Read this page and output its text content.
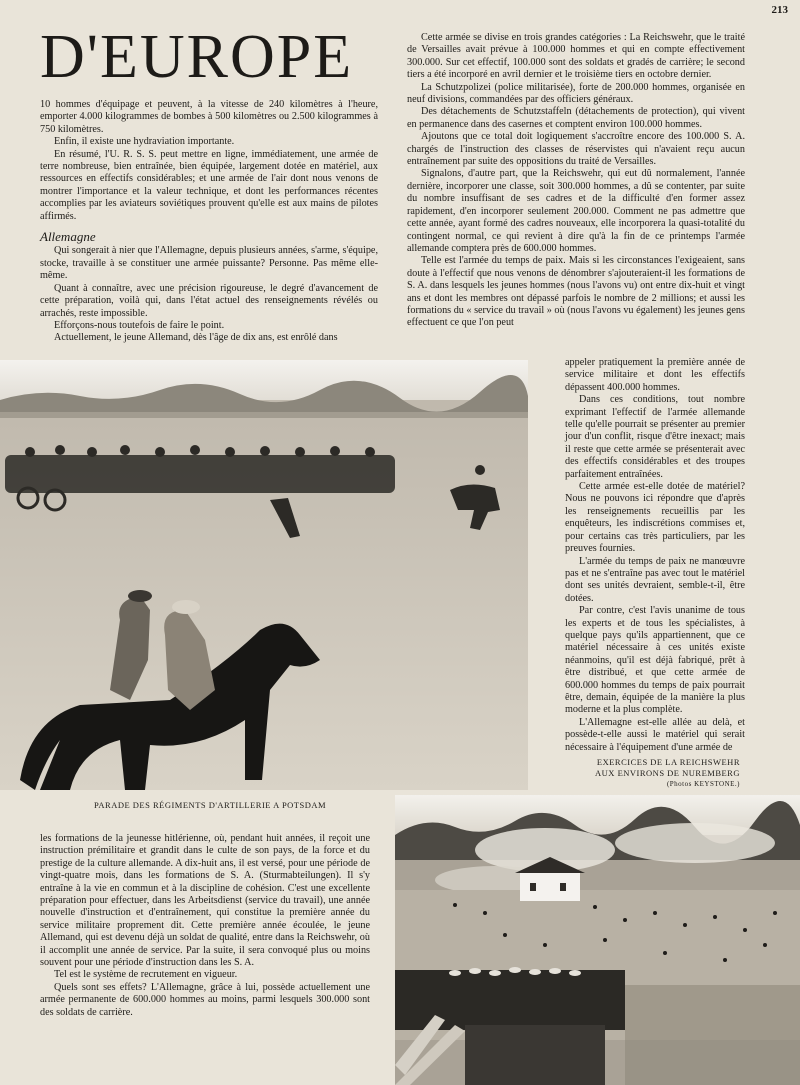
213
D'EUROPE

10 hommes d'équipage et peuvent, à la vitesse de 240 kilomètres à l'heure, emporter 4.000 kilogrammes de bombes à 500 kilomètres ou 2.500 kilogrammes à 750 kilomètres.

Enfin, il existe une hydraviation importante.

En résumé, l'U. R. S. S. peut mettre en ligne, immédiatement, une armée de terre nombreuse, bien entraînée, bien équipée, largement dotée en matériel, aux ressources en effectifs considérables; et une armée de l'air dont nous venons de montrer l'importance et la valeur technique, et dont les performances récentes accomplies par les aviateurs soviétiques prouvent qu'elle est aux mains de pilotes affirmés.

Allemagne

Qui songerait à nier que l'Allemagne, depuis plusieurs années, s'arme, s'équipe, stocke, travaille à se constituer une armée puissante? Personne. Pas même elle-même.

Quant à connaître, avec une précision rigoureuse, le degré d'avancement de cette préparation, voilà qui, dans l'état actuel des renseignements révélés ou arrachés, reste impossible.

Efforçons-nous toutefois de faire le point.

Actuellement, le jeune Allemand, dès l'âge de dix ans, est enrôlé dans

Cette armée se divise en trois grandes catégories : La Reichswehr, que le traité de Versailles avait prévue à 100.000 hommes et qui en compte effectivement 300.000. Sur cet effectif, 100.000 sont des soldats et gradés de carrière; le second tiers a été incorporé en avril dernier et le troisième tiers en octobre dernier.

La Schutzpolizei (police militarisée), forte de 200.000 hommes, organisée en neuf divisions, commandées par des officiers généraux.

Des détachements de Schutzstaffeln (détachements de protection), qui vivent en permanence dans des casernes et comptent environ 100.000 hommes.

Ajoutons que ce total doit logiquement s'accroître encore des 100.000 S. A. chargés de l'instruction des classes de réservistes qui n'avaient reçu aucun entraînement par suite des oppositions du traité de Versailles.

Signalons, d'autre part, que la Reichswehr, qui eut dû normalement, l'année dernière, incorporer une classe, soit 300.000 hommes, a dû se contenter, par suite du nombre insuffisant de ses cadres et de la difficulté d'en former assez rapidement, d'en incorporer seulement 200.000. Comment ne pas admettre que cette année, ayant formé des cadres nouveaux, elle incorporera la quasi-totalité du contingent normal, ce qui revient à dire qu'à la fin de ce printemps l'armée allemande comptera près de 600.000 hommes.

Telle est l'armée du temps de paix. Mais si les circonstances l'exigeaient, sans doute à l'effectif que nous venons de dénombrer s'ajouteraient-il les formations de S. A. dans lesquels les jeunes hommes (nous l'avons vu) ont entre dix-huit et vingt ans et dont les membres ont dépassé parfois le nombre de 2 millions; et aussi les formations du « service du travail » où (nous l'avons vu également) les jeunes gens effectuent ce que l'on peut

appeler pratiquement la première année de service militaire et dont les effectifs dépassent 400.000 hommes.

Dans ces conditions, tout nombre exprimant l'effectif de l'armée allemande telle qu'elle pourrait se présenter au premier jour d'un conflit, risque d'être inexact; mais il reste que cette armée se présenterait avec des effectifs considérables et des troupes parfaitement entraînées.

Cette armée est-elle dotée de matériel? Nous ne pouvons ici répondre que d'après les renseignements recueillis par les enquêteurs, les indiscrétions commises et, pour certains cas très particuliers, par les preuves fournies.

L'armée du temps de paix ne manœuvre pas et ne s'entraîne pas avec tout le matériel dont ses unités devraient, semble-t-il, être dotées.

Par contre, c'est l'avis unanime de tous les experts et de tous les spécialistes, à quelque pays qu'ils appartiennent, que ce matériel nécessaire à ces unités existe néanmoins, qu'il est déjà fabriqué, prêt à être distribué, et que cette armée de 600.000 hommes du temps de paix pourrait être, demain, équipée de la manière la plus moderne et la plus complète.

L'Allemagne est-elle allée au delà, et possède-t-elle aussi le matériel qui serait nécessaire à l'équipement d'une armée de

EXERCICES DE LA REICHSWEHR
AUX ENVIRONS DE NUREMBERG
(Photos KEYSTONE.)
PARADE DES RÉGIMENTS D'ARTILLERIE A POTSDAM

les formations de la jeunesse hitlérienne, où, pendant huit années, il reçoit une instruction prémilitaire et grandit dans le culte de son pays, de la force et du prestige de la culture allemande. A dix-huit ans, il est versé, pour une période de vingt-quatre mois, dans les formations de S. A. (Sturmabteilungen). Il s'y entraîne à la vie en commun et à la discipline de cohésion. C'est une excellente préparation pour effectuer, dans les Arbeitsdienst (service du travail), une année nouvelle d'instruction et d'entraînement, qui constitue la première année du service militaire proprement dit. Cette première année écoulée, le jeune Allemand, qui est devenu déjà un soldat de qualité, entre dans la Reichswehr, où il accomplit une année de service. Par la suite, il sera convoqué plus ou moins souvent pour une période d'instruction dans les S. A.

Tel est le système de recrutement en vigueur.

Quels sont ses effets? L'Allemagne, grâce à lui, possède actuellement une armée permanente de 600.000 hommes au moins, parmi lesquels 300.000 sont des soldats de carrière.
